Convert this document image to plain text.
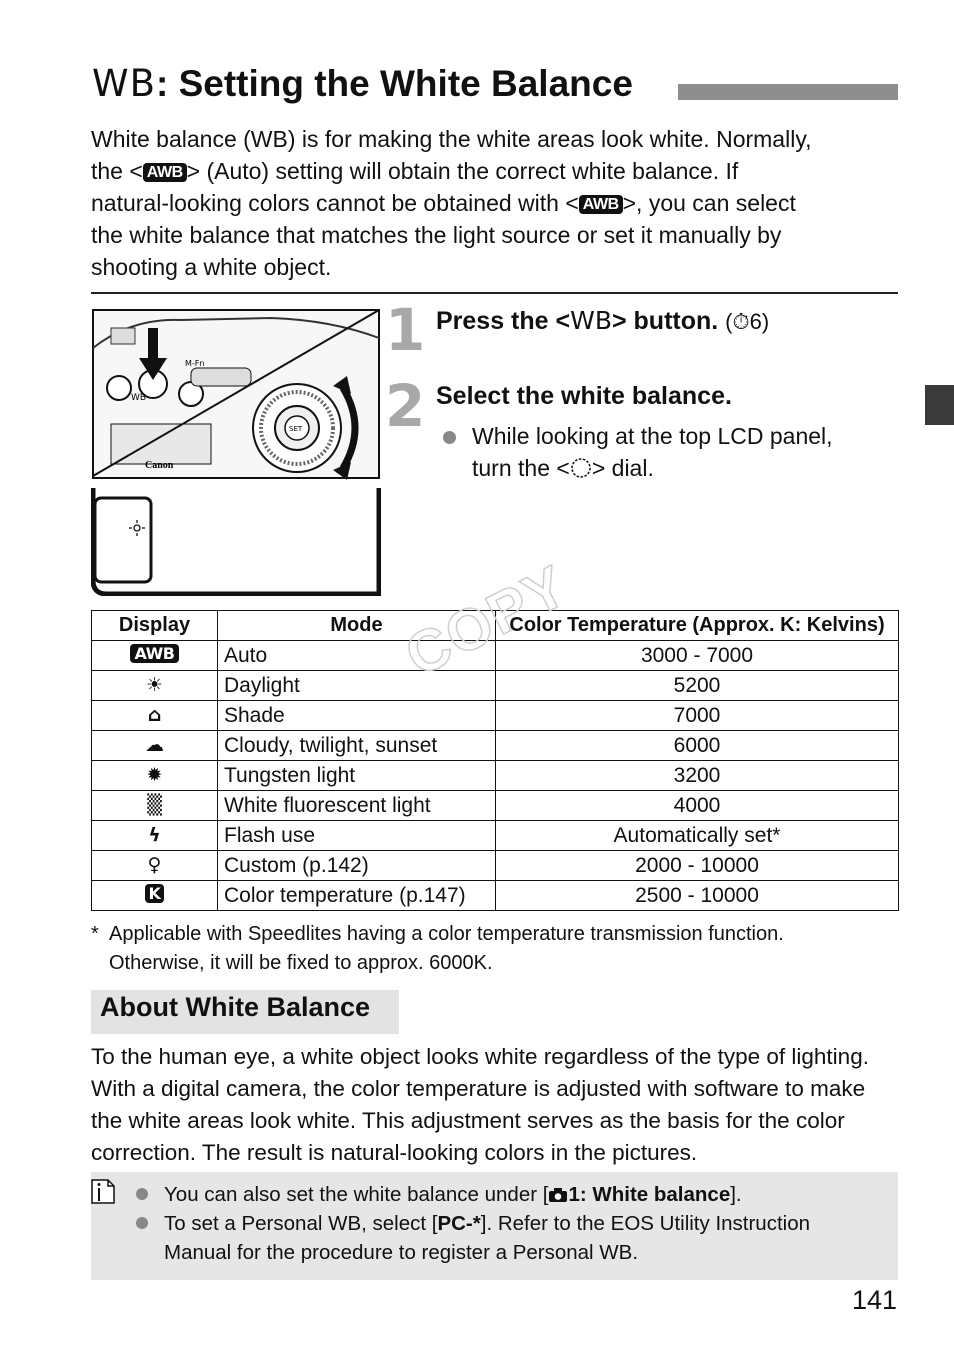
WB: Setting the White Balance
White balance (WB) is for making the white areas look white. Normally,
the < AWB > (Auto) setting will obtain the correct white balance. If
natural-looking colors cannot be obtained with < AWB >, you can select
the white balance that matches the light source or set it manually by
shooting a white object.
WB
M-Fn
Canon
SET
1 Press the <WB> button. (⏱6)
2 Select the white balance.
While looking at the top LCD panel,
turn the < > dial.
Display	Mode	Color Temperature (Approx. K: Kelvins)
AWB	Auto	3000 - 7000
☀	Daylight	5200
⌂	Shade	7000
☁	Cloudy, twilight, sunset	6000
✹	Tungsten light	3200
▒	White fluorescent light	4000
ϟ	Flash use	Automatically set*
♀	Custom (p.142)	2000 - 10000
K	Color temperature (p.147)	2500 - 10000
COPY
* Applicable with Speedlites having a color temperature transmission function.
Otherwise, it will be fixed to approx. 6000K.
About White Balance
To the human eye, a white object looks white regardless of the type of lighting.
With a digital camera, the color temperature is adjusted with software to make
the white areas look white. This adjustment serves as the basis for the color
correction. The result is natural-looking colors in the pictures.
You can also set the white balance under [ 1: White balance].
To set a Personal WB, select [PC-*]. Refer to the EOS Utility Instruction
Manual for the procedure to register a Personal WB.
141
